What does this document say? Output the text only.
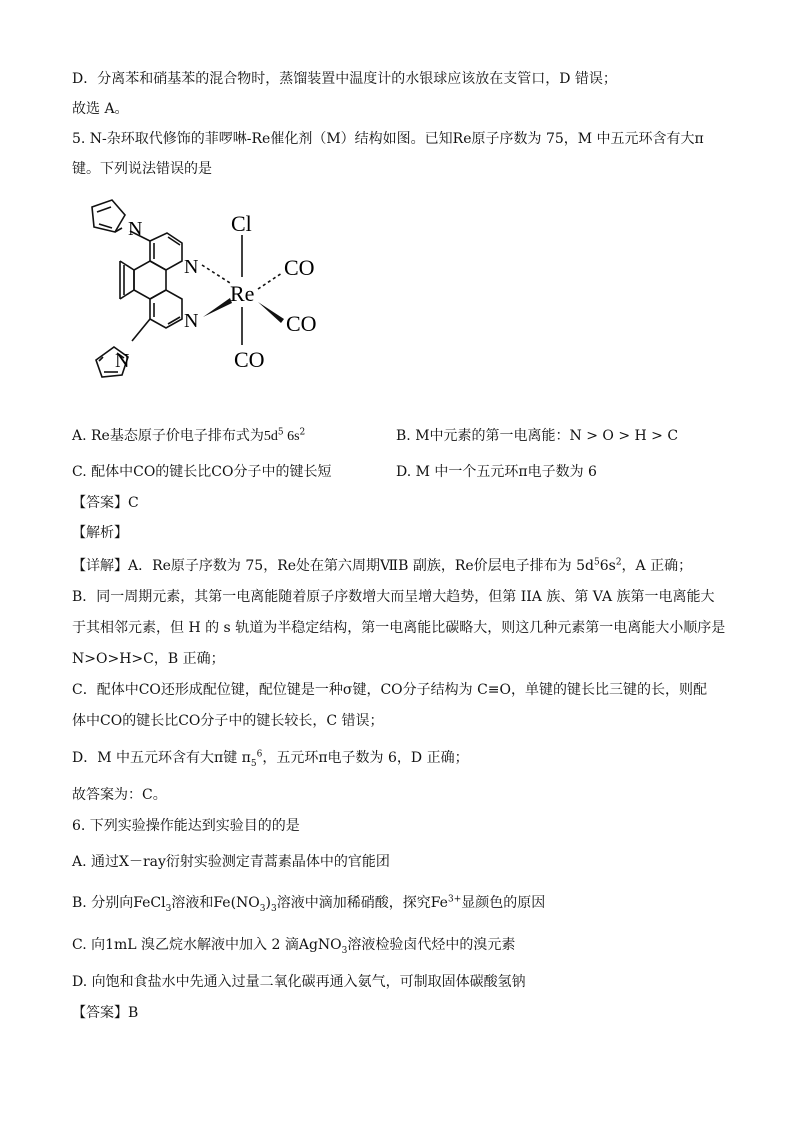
D．分离苯和硝基苯的混合物时，蒸馏装置中温度计的水银球应该放在支管口，D 错误；
故选 A。
5. N-杂环取代修饰的菲啰啉-Re催化剂（M）结构如图。已知Re原子序数为 75，M 中五元环含有大π
键。下列说法错误的是
N
N
N
N
Cl
Re
CO
CO
CO
A. Re基态原子价电子排布式为$5d^5$ $6s^2$	B. M中元素的第一电离能：N > O > H > C
C. 配体中CO的键长比CO分子中的键长短	D. M 中一个五元环π电子数为 6
【答案】C
【解析】
【详解】A．Re原子序数为 75，Re处在第六周期ⅦB 副族，Re价层电子排布为 $5d^56s^2$，A 正确；
B．同一周期元素，其第一电离能随着原子序数增大而呈增大趋势，但第 IIA 族、第 VA 族第一电离能大
于其相邻元素，但 H 的 s 轨道为半稳定结构，第一电离能比碳略大，则这几种元素第一电离能大小顺序是
N>O>H>C，B 正确；
C．配体中CO还形成配位键，配位键是一种σ键，CO分子结构为 C≡O，单键的键长比三键的长，则配
体中CO的键长比CO分子中的键长较长，C 错误；
D．M 中五元环含有大π键 $\pi_5^6$，五元环π电子数为 6，D 正确；
故答案为：C。
6. 下列实验操作能达到实验目的的是
A. 通过X－ray衍射实验测定青蒿素晶体中的官能团
B. 分别向FeCl$_3$溶液和$Fe(NO_3)_3$溶液中滴加稀硝酸，探究$Fe^{3+}$显颜色的原因
C. 向1mL 溴乙烷水解液中加入 2 滴AgNO$_3$溶液检验卤代烃中的溴元素
D. 向饱和食盐水中先通入过量二氧化碳再通入氨气，可制取固体碳酸氢钠
【答案】B
